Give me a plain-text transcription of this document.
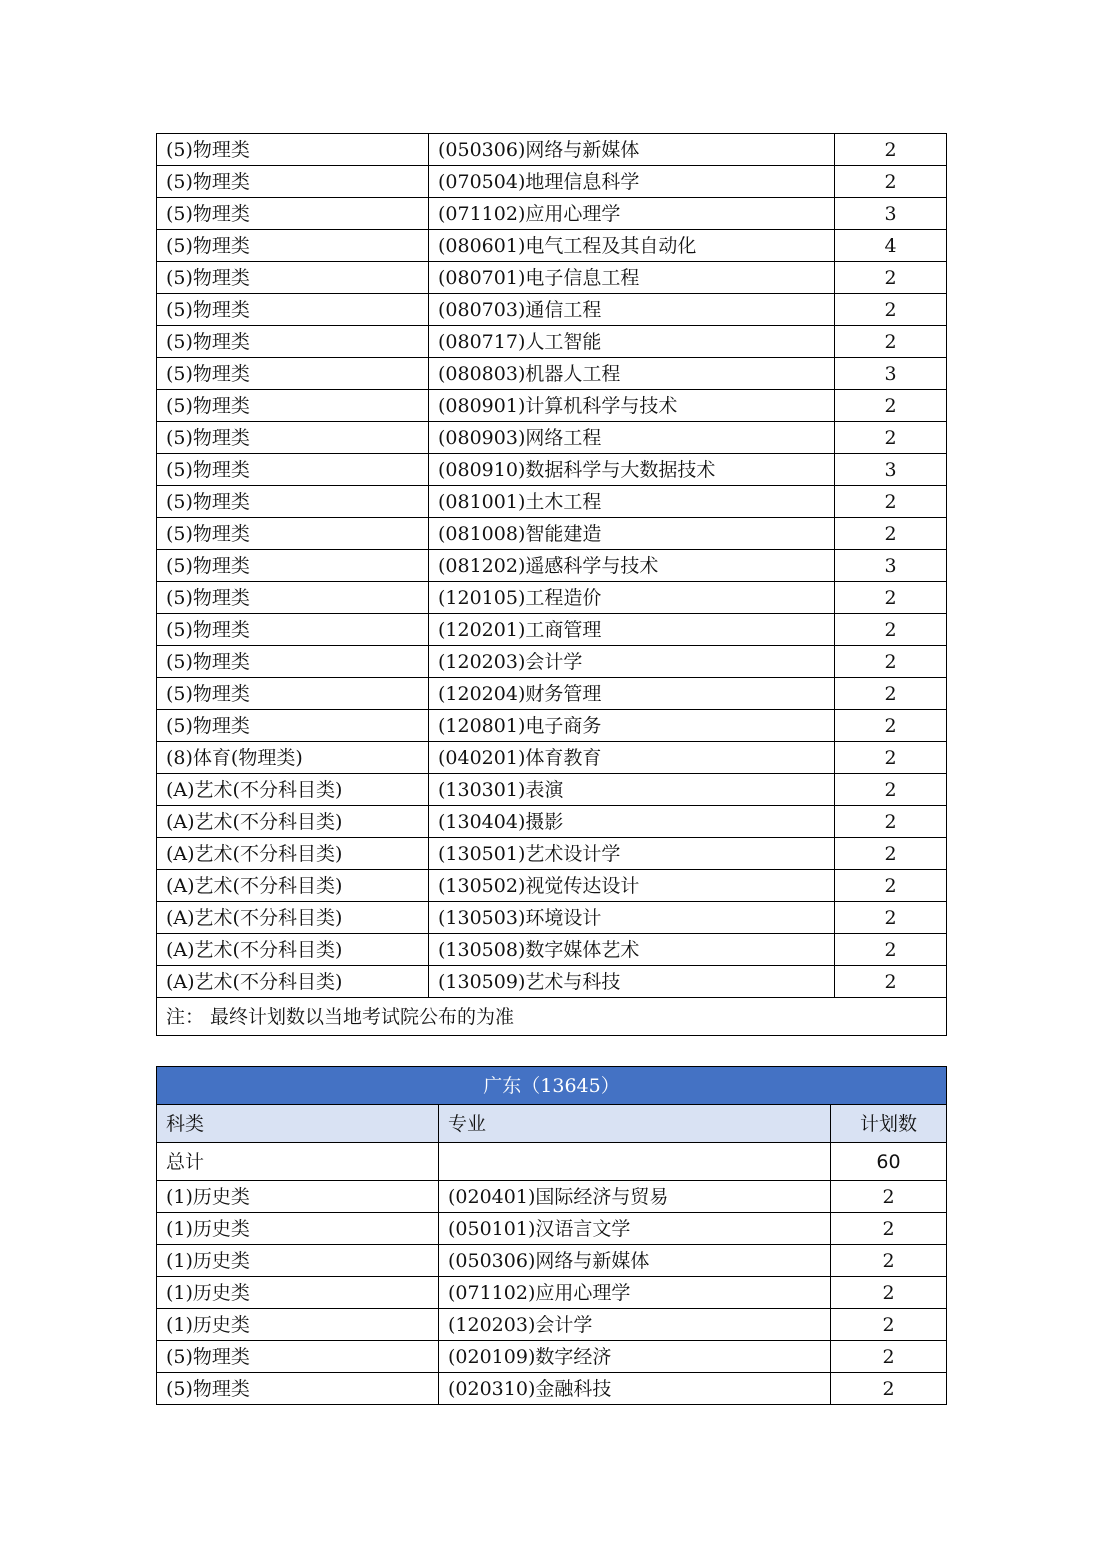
(5)物理类	(050306)网络与新媒体	2
(5)物理类	(070504)地理信息科学	2
(5)物理类	(071102)应用心理学	3
(5)物理类	(080601)电气工程及其自动化	4
(5)物理类	(080701)电子信息工程	2
(5)物理类	(080703)通信工程	2
(5)物理类	(080717)人工智能	2
(5)物理类	(080803)机器人工程	3
(5)物理类	(080901)计算机科学与技术	2
(5)物理类	(080903)网络工程	2
(5)物理类	(080910)数据科学与大数据技术	3
(5)物理类	(081001)土木工程	2
(5)物理类	(081008)智能建造	2
(5)物理类	(081202)遥感科学与技术	3
(5)物理类	(120105)工程造价	2
(5)物理类	(120201)工商管理	2
(5)物理类	(120203)会计学	2
(5)物理类	(120204)财务管理	2
(5)物理类	(120801)电子商务	2
(8)体育(物理类)	(040201)体育教育	2
(A)艺术(不分科目类)	(130301)表演	2
(A)艺术(不分科目类)	(130404)摄影	2
(A)艺术(不分科目类)	(130501)艺术设计学	2
(A)艺术(不分科目类)	(130502)视觉传达设计	2
(A)艺术(不分科目类)	(130503)环境设计	2
(A)艺术(不分科目类)	(130508)数字媒体艺术	2
(A)艺术(不分科目类)	(130509)艺术与科技	2
注： 最终计划数以当地考试院公布的为准		
广东（13645）		
科类	专业	计划数
总计		60
(1)历史类	(020401)国际经济与贸易	2
(1)历史类	(050101)汉语言文学	2
(1)历史类	(050306)网络与新媒体	2
(1)历史类	(071102)应用心理学	2
(1)历史类	(120203)会计学	2
(5)物理类	(020109)数字经济	2
(5)物理类	(020310)金融科技	2
